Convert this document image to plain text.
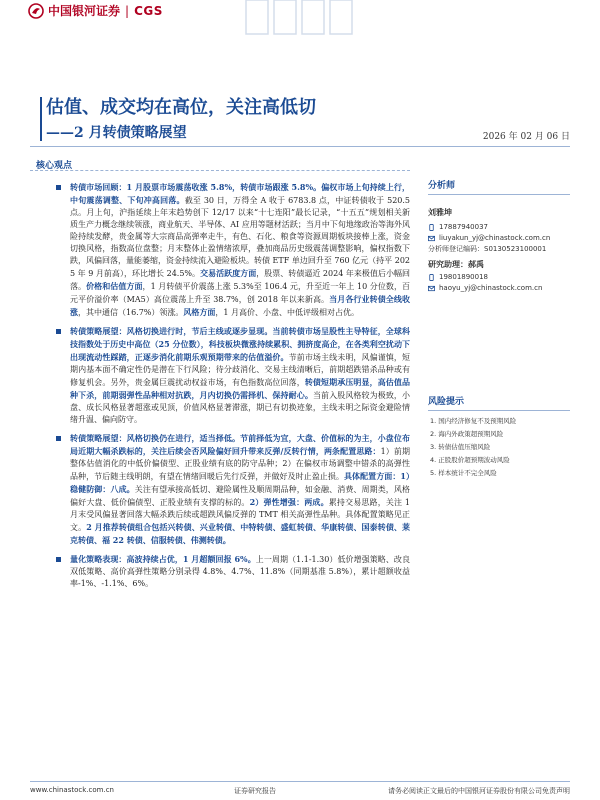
中国银河证券 | CGS
估值、成交均在高位，关注高低切
——2 月转债策略展望	2026 年 02 月 06 日
核心观点

转债市场回顾：1 月股票市场震荡收涨 5.8%，转债市场跟涨 5.8%。偏权市场上旬持续上行，中旬震荡调整、下旬冲高回落。截至 30 日，万得全 A 收于 6783.8 点，中证转债收于 520.5 点。月上旬，沪指延续上年末趋势创下 12/17 以来“十七连阳”最长记录，“十五五”规划相关新质生产力概念继续领涨，商业航天、半导体、AI 应用等题材活跃；当月中下旬地缘政治等海外风险持续发酵，贵金属等大宗商品高弹率走牛，有色、石化、粮食等资源周期板块接棒上涨，资金切换风格，指数高位盘整；月末整体止盈情绪浓厚，叠加商品历史级震荡调整影响，偏权指数下跌，风偏回落，量能萎缩，资金持续流入避险板块。转债 ETF 单边回升至 760 亿元（持平 2025 年 9 月前高），环比增长 24.5%。交易活跃度方面，股票、转债逼近 2024 年来极值后小幅回落。价格和估值方面，1 月转债平价震荡上涨 5.3%至 106.4 元，升至近一年上 10 分位数，百元平价溢价率（MA5）高位震荡上升至 38.7%，创 2018 年以来新高。当月各行业转债全线收涨，其中通信（16.7%）领涨。风格方面，1 月高价、小盘、中低评级相对占优。

转债策略展望：风格切换进行时，节后主线或逐步显现。当前转债市场呈股性主导特征，全球科技指数处于历史中高位（25 分位数），科技板块微涨持续累积、拥挤度高企，在各类利空扰动下出现流动性踩踏，正逐步消化前期乐观预期带来的估值溢价。节前市场主线未明，风偏谨慎，短期内基本面不确定性仍是潜在下行风险；待分歧消化、交易主线清晰后，前期超跌错杀品种或有修复机会。另外，贵金属巨震扰动权益市场，有色指数高位回落，转债短期承压明显，高估值品种下杀，前期弱弹性品种相对抗跌，月内切换仍需择机、保持耐心。当前入股风格较为极致，小盘、成长风格显著超涨或见顶，价值风格显著滞涨，期已有切换迹象，主线未明之际资金避险情绪升温、偏向防守。

转债策略展望：风格切换仍在进行，适当择低。节前择低为宜，大盘、价值标的为主，小盘位布局近期大幅杀跌标的，关注后续会否风险偏好回升带来反弹/反转行情，两条配置思路：1）前期整体估值消化的中低价偏债型、正股业绩有底的防守品种；2）在偏权市场调整中错杀的高弹性品种，节后随主线明朗，有望在情绪回暖后先行反弹，并做好及时止盈止损。具体配置方面：1）稳健防御：八成。关注有望承接高低切、避险属性及顺周期品种，如金融、消费、周期类，风格偏好大盘、低价偏债型、正股业绩有支撑的标的。2）弹性增强：两成。累持交易思路，关注 1 月末受风偏显著回落大幅杀跌后续或超跌风偏反弹的 TMT 相关高弹性品种。具体配置策略见正文。2 月推荐转债组合包括兴转债、兴业转债、中特转债、盛虹转债、华康转债、国泰转债、莱克转债、福 22 转债、信服转债、伟测转债。

量化策略表现：高波持续占优，1 月超额回报 6%。上一周期（1.1-1.30）低价增强策略、改良双低策略、高价高弹性策略分别录得 4.8%、4.7%、11.8%（同期基准 5.8%），累计超额收益率-1%、-1.1%、6%。

分析师
刘雅坤
17887940037
liuyakun_yj@chinastock.com.cn
分析师登记编码：S0130523100001
研究助理：郝禹
19801890018
haoyu_yj@chinastock.com.cn
风险提示
1. 国内经济修复不及预期风险
2. 海内外政策超预期风险
3. 转债估值压缩风险
4. 正股股价超预期波动风险
5. 样本统计不完全风险
www.chinastock.com.cn	证券研究报告	请务必阅读正文最后的中国银河证券股份有限公司免责声明
